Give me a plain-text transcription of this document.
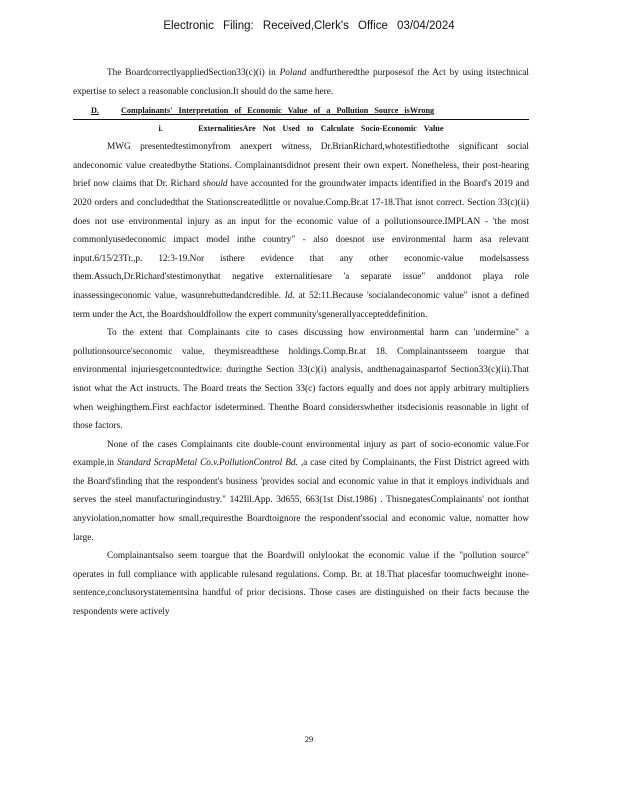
Electronic Filing: Received,Clerk's Office 03/04/2024

The BoardcorrectlyappliedSection33(c)(i) in Poland andfurtheredthe purposesof the Act by using itstechnical expertise to select a reasonable conclusion.It should do the same here.

D.	Complainants' Interpretation of Economic Value of a Pollution Source isWrong
i.	ExternalitiesAre Not Used to Calculate Socio-Economic Value

MWG presentedtestimonyfrom anexpert witness, Dr.BrianRichard,whotestifiedtothe significant social andeconomic value createdbythe Stations. Complainantsdidnot present their own expert. Nonetheless, their post-hearing brief now claims that Dr. Richard should have accounted for the groundwater impacts identified in the Board's 2019 and 2020 orders and concludedthat the Stationscreatedlittle or novalue.Comp.Br.at 17-18.That isnot correct. Section 33(c)(ii) does not use environmental injury as an input for the economic value of a pollutionsource.IMPLAN - 'the most commonlyusedeconomic impact model inthe country" - also doesnot use environmental harm asa relevant input.6/15/23Tr.,p. 12:3-19.Nor isthere evidence that any other economic-value modelsassess them.Assuch,Dr.Richard'stestimonythat negative externalitiesare 'a separate issue" anddonot playa role inassessingeconomic value, wasunrebuttedandcredible. Id. at 52:11.Because 'socialandeconomic value" isnot a defined term under the Act, the Boardshouldfollow the expert community'sgenerallyaccepteddefinition.

To the extent that Complainants cite to cases discussing how environmental harm can 'undermine" a pollutionsource'seconomic value, theymisreadthese holdings.Comp.Br.at 18. Complainantsseem toargue that environmental injuriesgetcountedtwice: duringthe Section 33(c)(i) analysis, andthenagainaspartof Section33(c)(ii).That isnot what the Act instructs. The Board treats the Section 33(c) factors equally and does not apply arbitrary multipliers when weighingthem.First eachfactor isdetermined. Thenthe Board considerswhether itsdecisionis reasonable in light of those factors.

None of the cases Complainants cite double-count environmental injury as part of socio-economic value.For example,in Standard ScrapMetal Co.v.PollutionControl Bd. ,a case cited by Complainants, the First District agreed with the Board'sfinding that the respondent's business 'provides social and economic value in that it employs individuals and serves the steel manufacturingindustry." 142Ill.App. 3d655, 663(1st Dist.1986) . ThisnegatesComplainants' not ionthat anyviolation,nomatter how small,requiresthe Boardtoignore the respondent'ssocial and economic value, nomatter how large.

Complainantsalso seem toargue that the Boardwill onlylookat the economic value if the "pollution source" operates in full compliance with applicable rulesand regulations. Comp. Br. at 18.That placesfar toomuchweight inone-sentence,conclusorystatementsina handful of prior decisions. Those cases are distinguished on their facts because the respondents were actively

29
